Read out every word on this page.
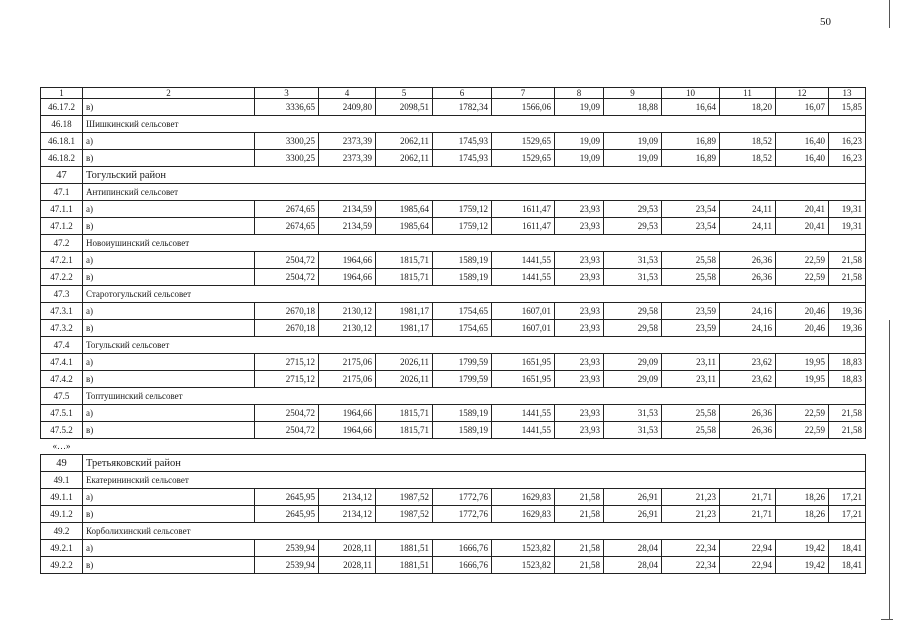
50
1	2	3	4	5	6	7	8	9	10	11	12	13
46.17.2	в)	3336,65	2409,80	2098,51	1782,34	1566,06	19,09	18,88	16,64	18,20	16,07	15,85
46.18	Шишкинский сельсовет											
46.18.1	а)	3300,25	2373,39	2062,11	1745,93	1529,65	19,09	19,09	16,89	18,52	16,40	16,23
46.18.2	в)	3300,25	2373,39	2062,11	1745,93	1529,65	19,09	19,09	16,89	18,52	16,40	16,23
47	Тогульский район											
47.1	Антипинский сельсовет											
47.1.1	а)	2674,65	2134,59	1985,64	1759,12	1611,47	23,93	29,53	23,54	24,11	20,41	19,31
47.1.2	в)	2674,65	2134,59	1985,64	1759,12	1611,47	23,93	29,53	23,54	24,11	20,41	19,31
47.2	Новоиушинский сельсовет											
47.2.1	а)	2504,72	1964,66	1815,71	1589,19	1441,55	23,93	31,53	25,58	26,36	22,59	21,58
47.2.2	в)	2504,72	1964,66	1815,71	1589,19	1441,55	23,93	31,53	25,58	26,36	22,59	21,58
47.3	Старотогульский сельсовет											
47.3.1	а)	2670,18	2130,12	1981,17	1754,65	1607,01	23,93	29,58	23,59	24,16	20,46	19,36
47.3.2	в)	2670,18	2130,12	1981,17	1754,65	1607,01	23,93	29,58	23,59	24,16	20,46	19,36
47.4	Тогульский сельсовет											
47.4.1	а)	2715,12	2175,06	2026,11	1799,59	1651,95	23,93	29,09	23,11	23,62	19,95	18,83
47.4.2	в)	2715,12	2175,06	2026,11	1799,59	1651,95	23,93	29,09	23,11	23,62	19,95	18,83
47.5	Топтушинский сельсовет											
47.5.1	а)	2504,72	1964,66	1815,71	1589,19	1441,55	23,93	31,53	25,58	26,36	22,59	21,58
47.5.2	в)	2504,72	1964,66	1815,71	1589,19	1441,55	23,93	31,53	25,58	26,36	22,59	21,58
«…»												
49	Третьяковский район											
49.1	Екатерининский сельсовет											
49.1.1	а)	2645,95	2134,12	1987,52	1772,76	1629,83	21,58	26,91	21,23	21,71	18,26	17,21
49.1.2	в)	2645,95	2134,12	1987,52	1772,76	1629,83	21,58	26,91	21,23	21,71	18,26	17,21
49.2	Корболихинский сельсовет											
49.2.1	а)	2539,94	2028,11	1881,51	1666,76	1523,82	21,58	28,04	22,34	22,94	19,42	18,41
49.2.2	в)	2539,94	2028,11	1881,51	1666,76	1523,82	21,58	28,04	22,34	22,94	19,42	18,41
